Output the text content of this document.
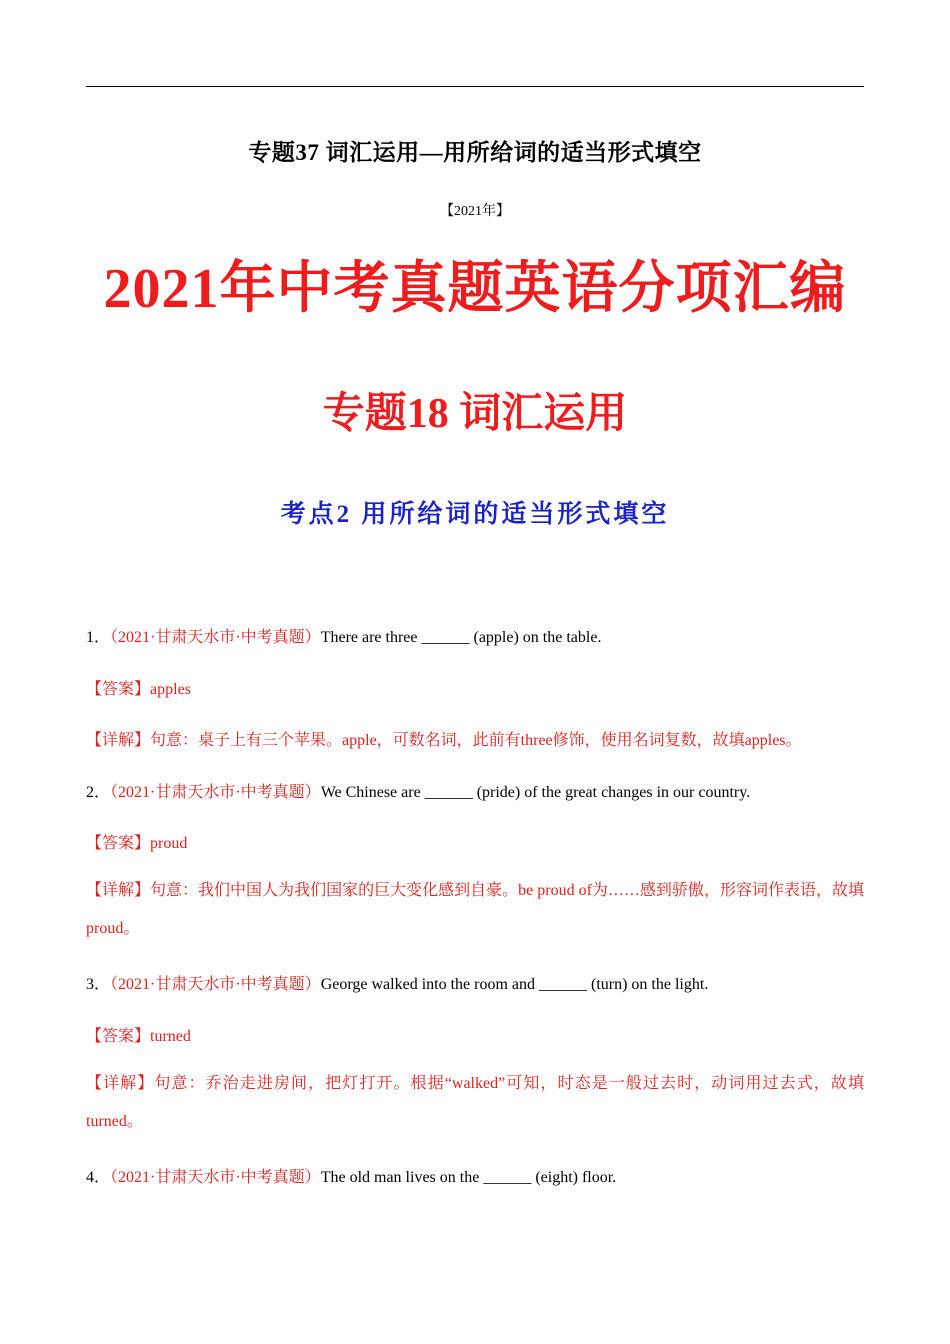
专题37 词汇运用—用所给词的适当形式填空
【2021年】
2021年中考真题英语分项汇编
专题18 词汇运用
考点2 用所给词的适当形式填空
1．（2021·甘肃天水市·中考真题）There are three ______ (apple) on the table.
【答案】apples
【详解】句意：桌子上有三个苹果。apple，可数名词，此前有three修饰，使用名词复数，故填apples。
2．（2021·甘肃天水市·中考真题）We Chinese are ______ (pride) of the great changes in our country.
【答案】proud
【详解】句意：我们中国人为我们国家的巨大变化感到自豪。be proud of为……感到骄傲，形容词作表语，故填proud。
3．（2021·甘肃天水市·中考真题）George walked into the room and ______ (turn) on the light.
【答案】turned
【详解】句意：乔治走进房间，把灯打开。根据“walked”可知，时态是一般过去时，动词用过去式，故填turned。
4．（2021·甘肃天水市·中考真题）The old man lives on the ______ (eight) floor.
